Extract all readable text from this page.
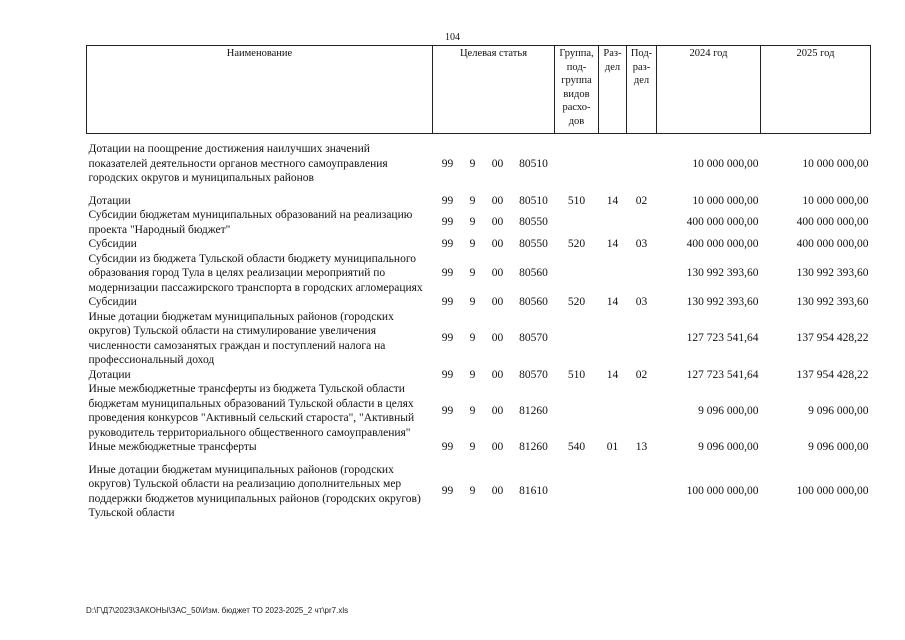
104
Наименование	Целевая статья				Группа, под-группа видов расхо-дов	Раз-дел	Под-раз-дел	2024 год	2025 год

Дотации на поощрение достижения наилучших значений показателей деятельности органов местного самоуправления городских округов и муниципальных районов	99	9	00	80510				10 000 000,00	10 000 000,00

Дотации	99	9	00	80510	510	14	02	10 000 000,00	10 000 000,00
Субсидии бюджетам муниципальных образований на реализацию проекта "Народный бюджет"	99	9	00	80550				400 000 000,00	400 000 000,00
Субсидии	99	9	00	80550	520	14	03	400 000 000,00	400 000 000,00
Субсидии из бюджета Тульской области бюджету муниципального образования город Тула в целях реализации мероприятий по модернизации пассажирского транспорта в городских агломерациях	99	9	00	80560				130 992 393,60	130 992 393,60
Субсидии	99	9	00	80560	520	14	03	130 992 393,60	130 992 393,60
Иные дотации бюджетам муниципальных районов (городских округов) Тульской области на стимулирование увеличения численности самозанятых граждан и поступлений налога на профессиональный доход	99	9	00	80570				127 723 541,64	137 954 428,22
Дотации	99	9	00	80570	510	14	02	127 723 541,64	137 954 428,22
Иные межбюджетные трансферты из бюджета Тульской области бюджетам муниципальных образований Тульской области в целях проведения конкурсов "Активный сельский староста", "Активный руководитель территориального общественного самоуправления"	99	9	00	81260				9 096 000,00	9 096 000,00
Иные межбюджетные трансферты	99	9	00	81260	540	01	13	9 096 000,00	9 096 000,00

Иные дотации бюджетам муниципальных районов (городских округов) Тульской области на реализацию дополнительных мер поддержки бюджетов муниципальных районов (городских округов) Тульской области	99	9	00	81610				100 000 000,00	100 000 000,00
D:\Г\Д7\2023\ЗАКОНЫ\ЗАС_50\Изм. бюджет ТО 2023-2025_2 чт\pr7.xls
